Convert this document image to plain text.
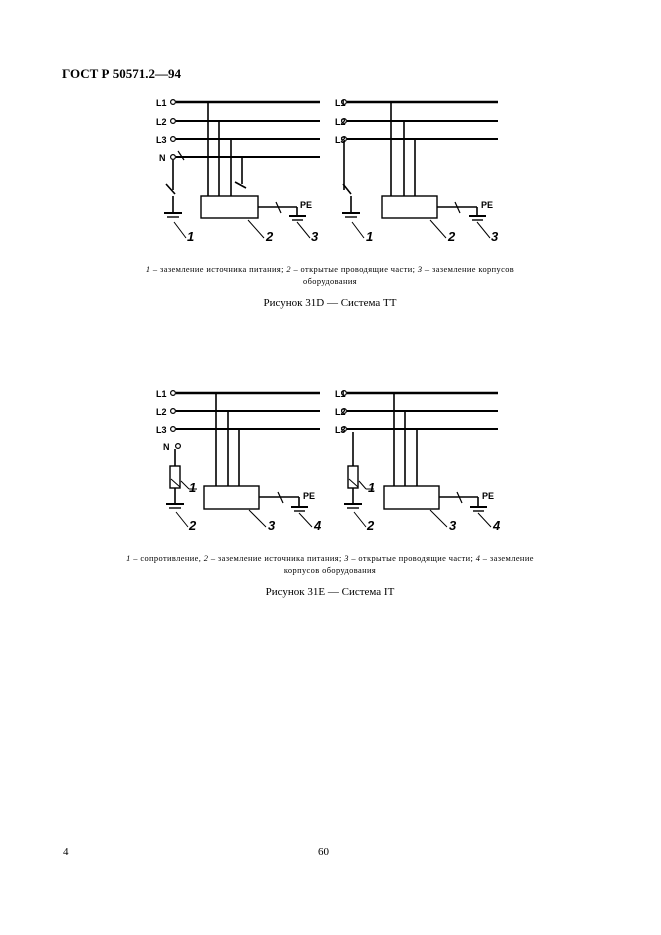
ГОСТ Р 50571.2—94
L1
L2
L3
N
PE
L1
L2
L3
PE
1	2	3	1	2	3
L1
L2
L3
N
PE
L1
L2
L3
PE
1
2	3	4
1
2	3	4
1 – заземление источника питания; 2 – открытые проводящие части; 3 – заземление корпусов оборудования
Рисунок 31D — Система ТТ
1 – сопротивление, 2 – заземление источника питания; 3 – открытые проводящие части; 4 – заземление корпусов оборудования
Рисунок 31Е — Система IT
4	60
